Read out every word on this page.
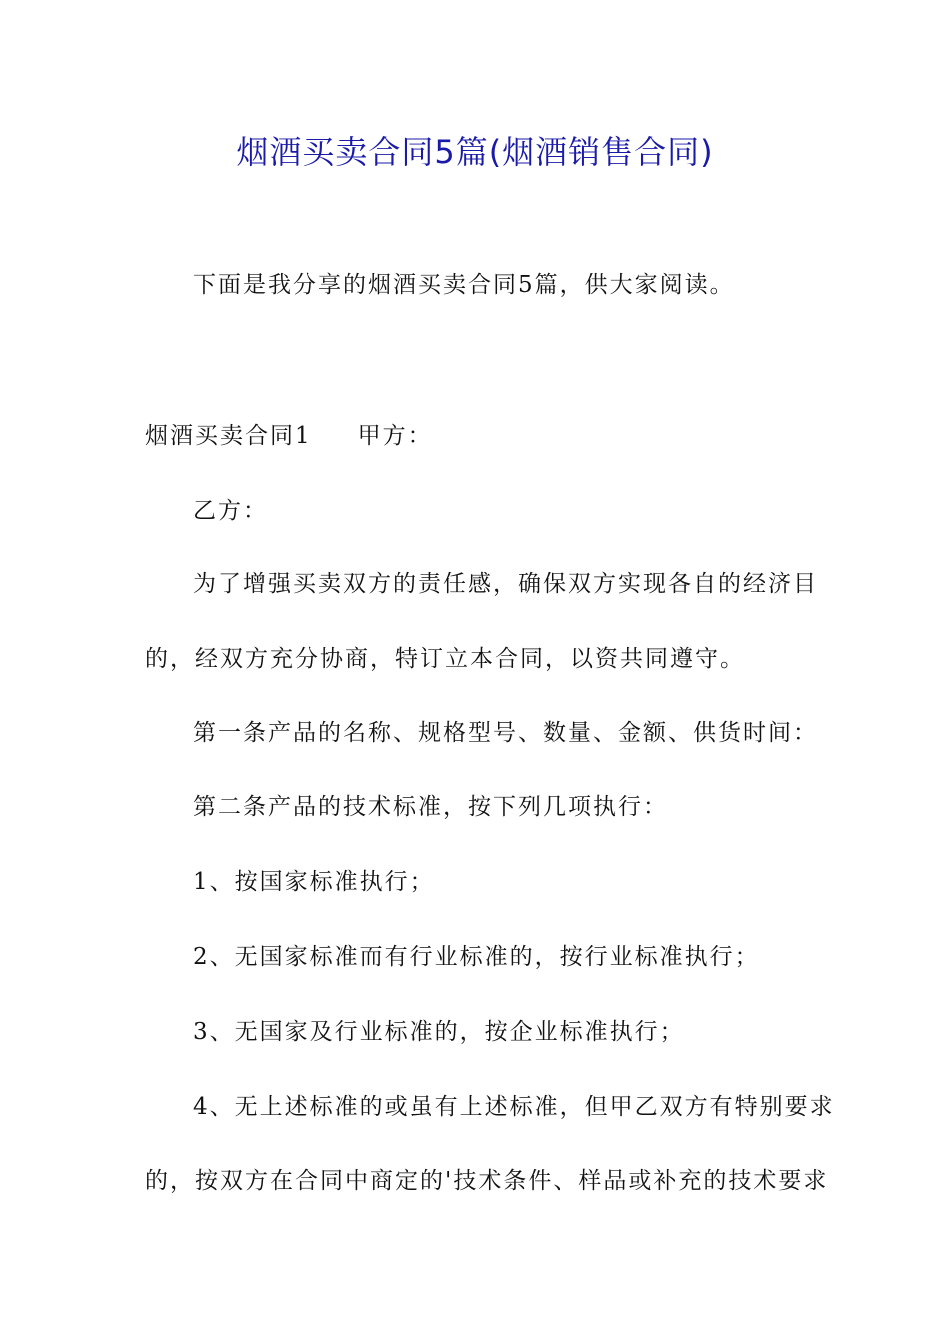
烟酒买卖合同5篇(烟酒销售合同)
下面是我分享的烟酒买卖合同5篇，供大家阅读。
烟酒买卖合同1 甲方：
乙方：
为了增强买卖双方的责任感，确保双方实现各自的经济目
的，经双方充分协商，特订立本合同，以资共同遵守。
第一条产品的名称、规格型号、数量、金额、供货时间：
第二条产品的技术标准，按下列几项执行：
1、按国家标准执行；
2、无国家标准而有行业标准的，按行业标准执行；
3、无国家及行业标准的，按企业标准执行；
4、无上述标准的或虽有上述标准，但甲乙双方有特别要求
的，按双方在合同中商定的'技术条件、样品或补充的技术要求
